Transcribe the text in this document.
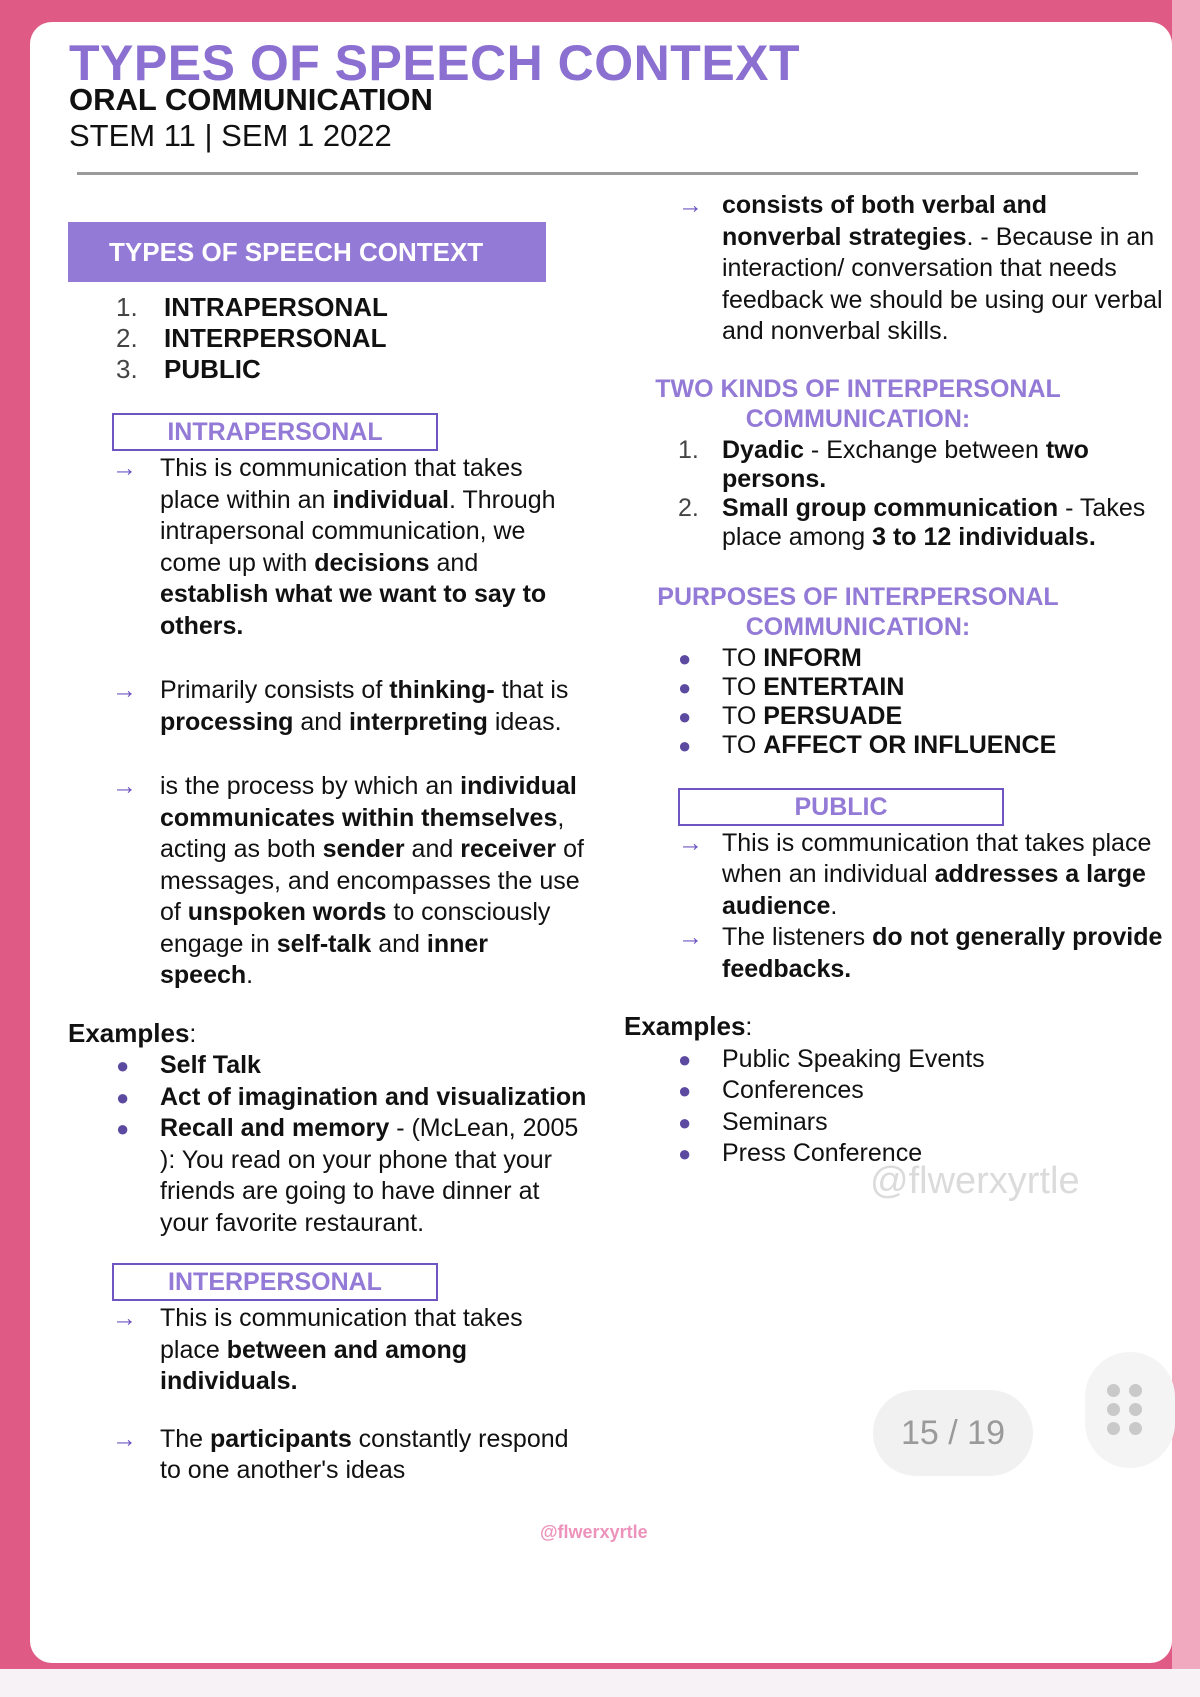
TYPES OF SPEECH CONTEXT
ORAL COMMUNICATION
STEM 11 | SEM 1 2022
TYPES OF SPEECH CONTEXT
1. INTRAPERSONAL
2. INTERPERSONAL
3. PUBLIC
INTRAPERSONAL
→ This is communication that takes place within an individual. Through intrapersonal communication, we come up with decisions and establish what we want to say to others.
→ Primarily consists of thinking- that is processing and interpreting ideas.
→ is the process by which an individual communicates within themselves, acting as both sender and receiver of messages, and encompasses the use of unspoken words to consciously engage in self-talk and inner speech.
Examples:
● Self Talk
● Act of imagination and visualization
● Recall and memory - (McLean, 2005 ): You read on your phone that your friends are going to have dinner at your favorite restaurant.
INTERPERSONAL
→ This is communication that takes place between and among individuals.
→ The participants constantly respond to one another's ideas
→ consists of both verbal and nonverbal strategies. - Because in an interaction/ conversation that needs feedback we should be using our verbal and nonverbal skills.
TWO KINDS OF INTERPERSONAL COMMUNICATION:
1. Dyadic - Exchange between two persons.
2. Small group communication - Takes place among 3 to 12 individuals.
PURPOSES OF INTERPERSONAL COMMUNICATION:
● TO INFORM
● TO ENTERTAIN
● TO PERSUADE
● TO AFFECT OR INFLUENCE
PUBLIC
→ This is communication that takes place when an individual addresses a large audience.
→ The listeners do not generally provide feedbacks.
Examples:
● Public Speaking Events
● Conferences
● Seminars
● Press Conference
@flwerxyrtle
@flwerxyrtle
15 / 19
